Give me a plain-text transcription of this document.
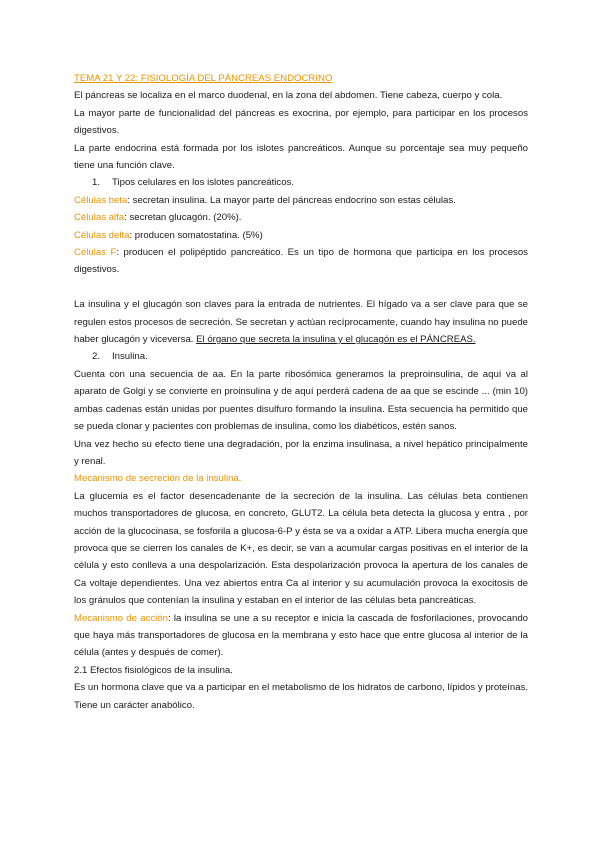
TEMA 21 Y 22: FISIOLOGÍA DEL PÁNCREAS ENDOCRINO

El páncreas se localiza en el marco duodenal, en la zona del abdomen. Tiene cabeza, cuerpo y cola.

La mayor parte de funcionalidad del páncreas es exocrina, por ejemplo, para participar en los procesos digestivos.

La parte endocrina está formada por los islotes pancreáticos. Aunque su porcentaje sea muy pequeño tiene una función clave.

1. Tipos celulares en los islotes pancreáticos.

Células beta: secretan insulina. La mayor parte del páncreas endocrino son estas células.

Células alfa: secretan glucagón. (20%).

Células delta: producen somatostatina. (5%)

Células F: producen el polipéptido pancreático. Es un tipo de hormona que participa en los procesos digestivos.

La insulina y el glucagón son claves para la entrada de nutrientes. El hígado va a ser clave para que se regulen estos procesos de secreción. Se secretan y actúan recíprocamente, cuando hay insulina no puede haber glucagón y viceversa. El órgano que secreta la insulina y el glucagón es el PÁNCREAS.

2. Insulina.

Cuenta con una secuencia de aa. En la parte ribosómica generamos la preproinsulina, de aquí va al aparato de Golgi y se convierte en proinsulina y de aquí perderá cadena de aa que se escinde ... (min 10) ambas cadenas están unidas por puentes disulfuro formando la insulina. Esta secuencia ha permitido que se pueda clonar y pacientes con problemas de insulina, como los diabéticos, estén sanos.

Una vez hecho su efecto tiene una degradación, por la enzima insulinasa, a nivel hepático principalmente y renal.

Mecanismo de secreción de la insulina.

La glucemia es el factor desencadenante de la secreción de la insulina. Las células beta contienen muchos transportadores de glucosa, en concreto, GLUT2. La célula beta detecta la glucosa y entra , por acción de la glucocinasa, se fosforila a glucosa-6-P y ésta se va a oxidar a ATP. Libera mucha energía que provoca que se cierren los canales de K+, es decir, se van a acumular cargas positivas en el interior de la célula y esto conlleva a una despolarización. Esta despolarización provoca la apertura de los canales de Ca voltaje dependientes. Una vez abiertos entra Ca al interior y su acumulación provoca la exocitosis de los gránulos que contenían la insulina y estaban en el interior de las células beta pancreáticas.

Mecanismo de acción: la insulina se une a su receptor e inicia la cascada de fosforilaciones, provocando que haya más transportadores de glucosa en la membrana y esto hace que entre glucosa al interior de la célula (antes y después de comer).

2.1 Efectos fisiológicos de la insulina.

Es un hormona clave que va a participar en el metabolismo de los hidratos de carbono, lípidos y proteínas. Tiene un carácter anabólico.
